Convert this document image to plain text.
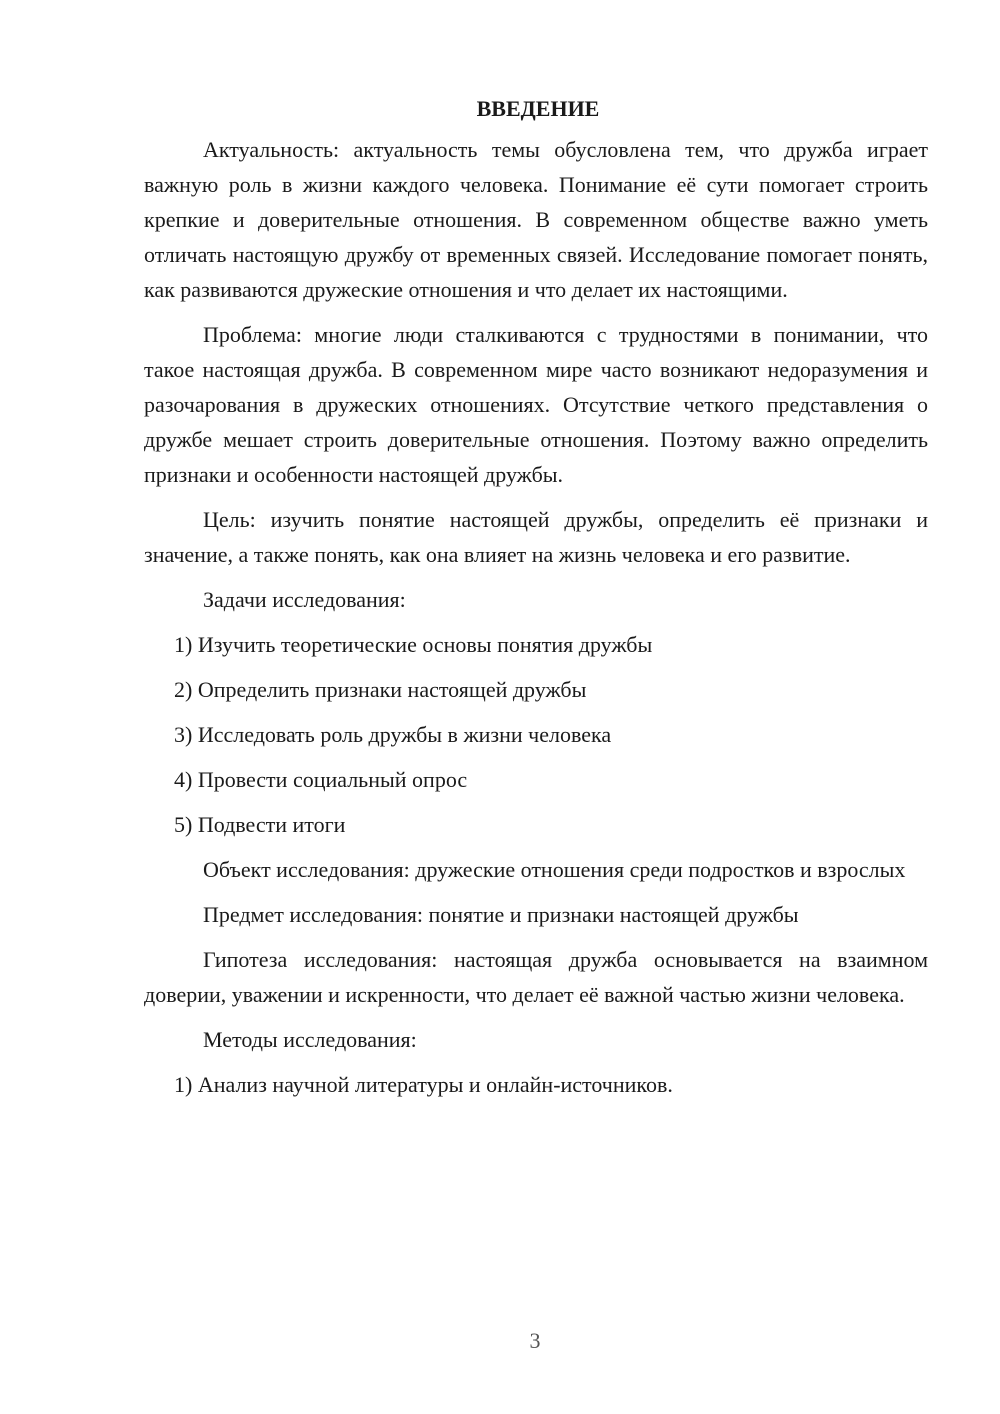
ВВЕДЕНИЕ

Актуальность: актуальность темы обусловлена тем, что дружба играет важную роль в жизни каждого человека. Понимание её сути помогает строить крепкие и доверительные отношения. В современном обществе важно уметь отличать настоящую дружбу от временных связей. Исследование помогает понять, как развиваются дружеские отношения и что делает их настоящими.

Проблема: многие люди сталкиваются с трудностями в понимании, что такое настоящая дружба. В современном мире часто возникают недоразумения и разочарования в дружеских отношениях. Отсутствие четкого представления о дружбе мешает строить доверительные отношения. Поэтому важно определить признаки и особенности настоящей дружбы.

Цель: изучить понятие настоящей дружбы, определить её признаки и значение, а также понять, как она влияет на жизнь человека и его развитие.

Задачи исследования:

1) Изучить теоретические основы понятия дружбы
2) Определить признаки настоящей дружбы
3) Исследовать роль дружбы в жизни человека
4) Провести социальный опрос
5) Подвести итоги

Объект исследования: дружеские отношения среди подростков и взрослых

Предмет исследования: понятие и признаки настоящей дружбы

Гипотеза исследования: настоящая дружба основывается на взаимном доверии, уважении и искренности, что делает её важной частью жизни человека.

Методы исследования:

1) Анализ научной литературы и онлайн-источников.
3
